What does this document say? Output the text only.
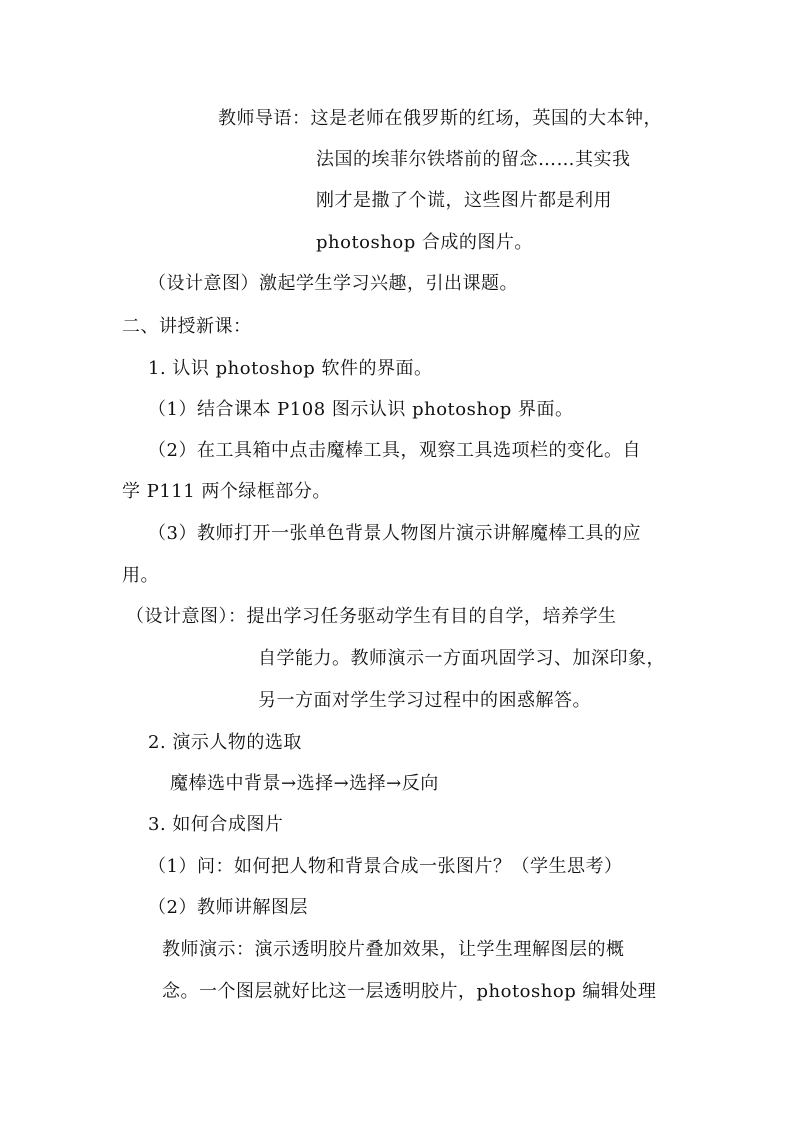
教师导语：这是老师在俄罗斯的红场，英国的大本钟，
法国的埃菲尔铁塔前的留念……其实我
刚才是撒了个谎，这些图片都是利用
photoshop 合成的图片。
（设计意图）激起学生学习兴趣，引出课题。
二、讲授新课：
1. 认识 photoshop 软件的界面。
（1）结合课本 P108 图示认识 photoshop 界面。
（2）在工具箱中点击魔棒工具，观察工具选项栏的变化。自
学 P111 两个绿框部分。
（3）教师打开一张单色背景人物图片演示讲解魔棒工具的应
用。
（设计意图）：提出学习任务驱动学生有目的自学，培养学生
自学能力。教师演示一方面巩固学习、加深印象，
另一方面对学生学习过程中的困惑解答。
2. 演示人物的选取
魔棒选中背景→选择→选择→反向
3. 如何合成图片
（1）问：如何把人物和背景合成一张图片？（学生思考）
（2）教师讲解图层
教师演示：演示透明胶片叠加效果，让学生理解图层的概
念。一个图层就好比这一层透明胶片，photoshop 编辑处理
